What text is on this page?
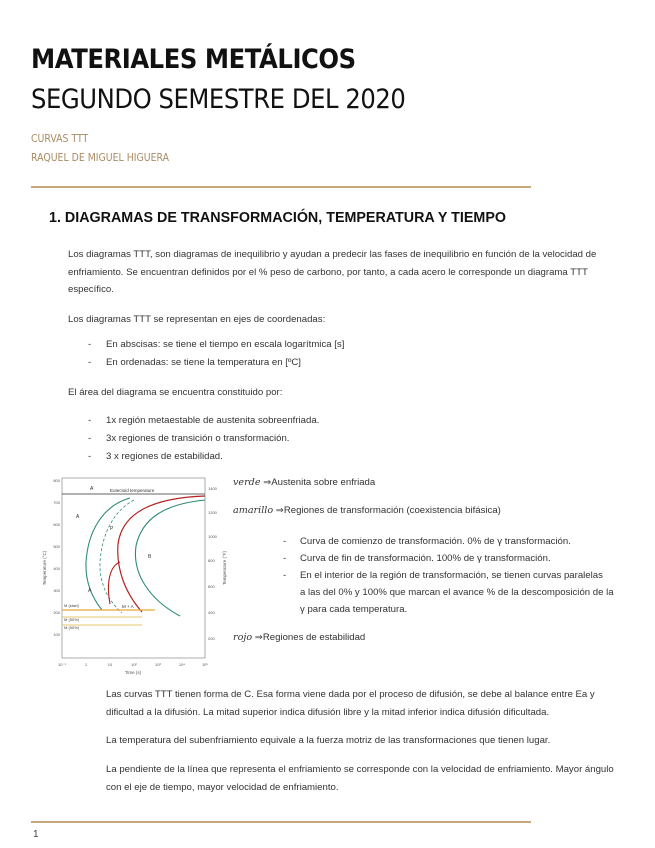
MATERIALES METÁLICOS
SEGUNDO SEMESTRE DEL 2020
CURVAS TTT
RAQUEL DE MIGUEL HIGUERA
1. DIAGRAMAS DE TRANSFORMACIÓN, TEMPERATURA Y TIEMPO
Los diagramas TTT, son diagramas de inequilibrio y ayudan a predecir las fases de inequilibrio en función de la velocidad de enfriamiento. Se encuentran definidos por el % peso de carbono, por tanto, a cada acero le corresponde un diagrama TTT específico.
Los diagramas TTT se representan en ejes de coordenadas:
- En abscisas: se tiene el tiempo en escala logarítmica [s]
- En ordenadas: se tiene la temperatura en [ºC]
El área del diagrama se encuentra constituido por:
- 1x región metaestable de austenita sobreenfriada.
- 3x regiones de transición o transformación.
- 3 x regiones de estabilidad.
Eutectoid temperature
M (start)
M (50%)
M (90%)
A
A
P
B
A
M + A
800
700
600
500
400
300
200
100
1400
1200
1000
800
600
400
200
10⁻¹	1	10	10²	10³	10⁴	10⁵
Time (s)
Temperature (°C)	Temperature (°F)
verde ⇒Austenita sobre enfriada
amarillo ⇒Regiones de transformación (coexistencia bifásica)
- Curva de comienzo de transformación. 0% de γ transformación.
- Curva de fin de transformación. 100% de γ transformación.
- En el interior de la región de transformación, se tienen curvas paralelas
a las del 0% y 100% que marcan el avance % de la descomposición de la
γ para cada temperatura.
rojo ⇒Regiones de estabilidad
Las curvas TTT tienen forma de C. Esa forma viene dada por el proceso de difusión, se debe al balance entre Ea y dificultad a la difusión. La mitad superior indica difusión libre y la mitad inferior indica difusión dificultada.
La temperatura del subenfriamiento equivale a la fuerza motriz de las transformaciones que tienen lugar.
La pendiente de la línea que representa el enfriamiento se corresponde con la velocidad de enfriamiento. Mayor ángulo con el eje de tiempo, mayor velocidad de enfriamiento.
1
